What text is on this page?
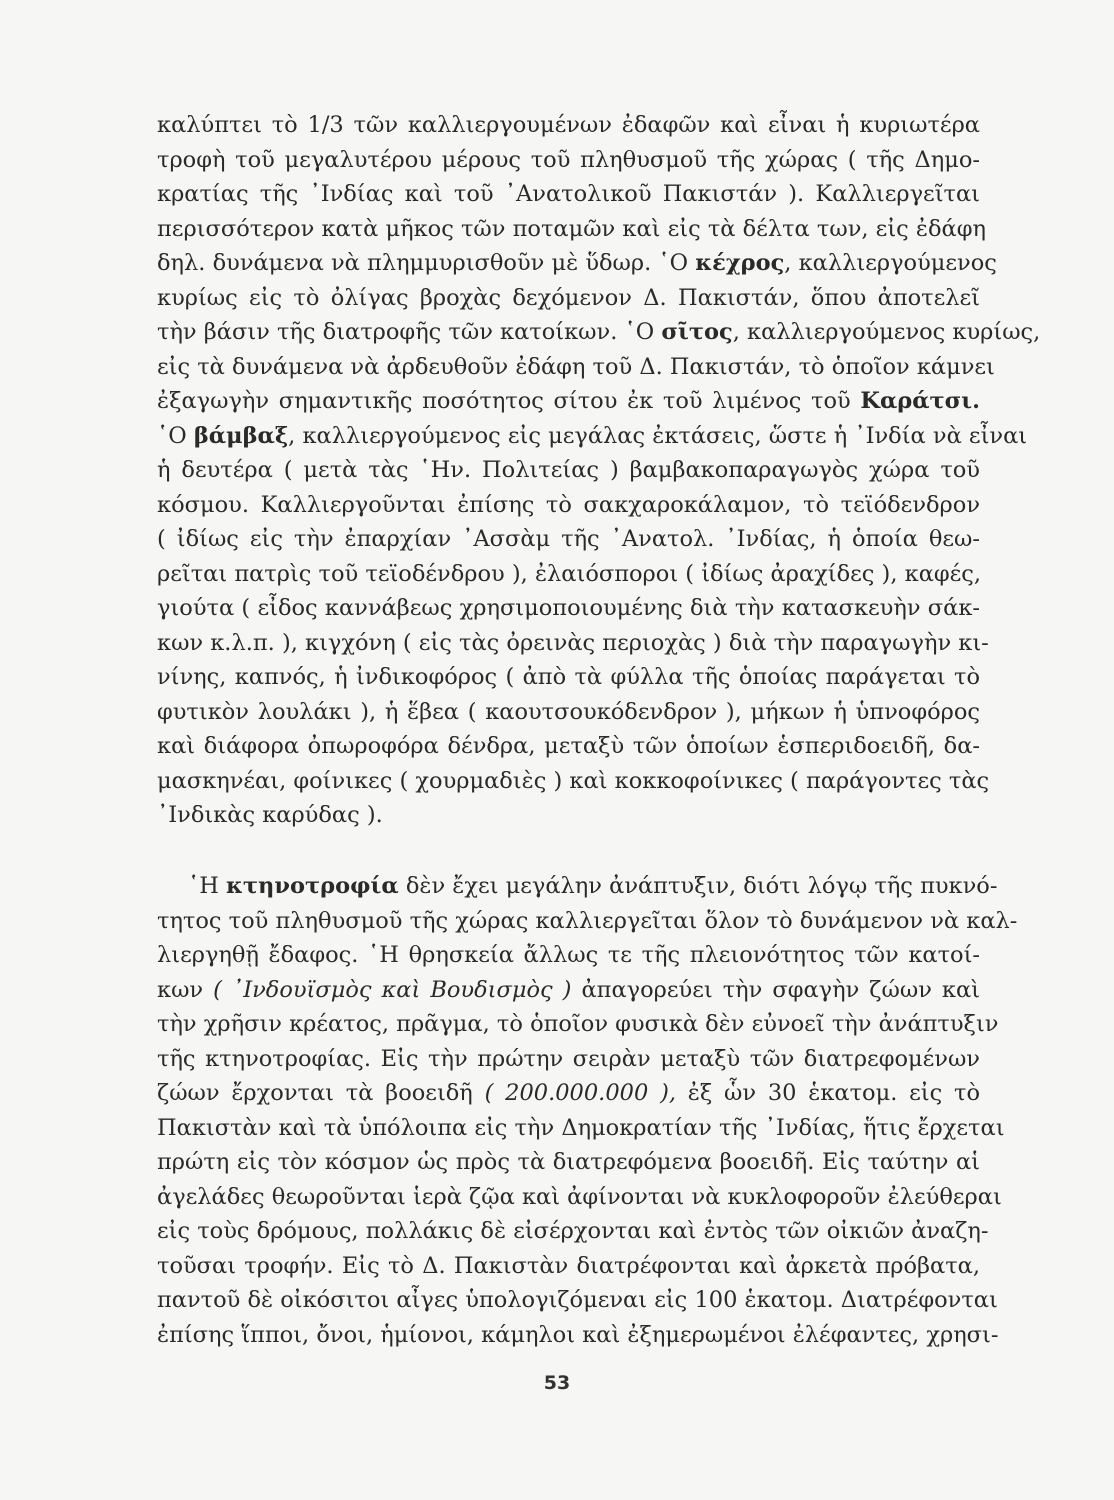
καλύπτει τὸ 1/3 τῶν καλλιεργουμένων ἐδαφῶν καὶ εἶναι ἡ κυριωτέρα
τροφὴ τοῦ μεγαλυτέρου μέρους τοῦ πληθυσμοῦ τῆς χώρας ( τῆς Δημο-
κρατίας τῆς ᾿Ινδίας καὶ τοῦ ᾿Ανατολικοῦ Πακιστάν ). Καλλιεργεῖται
περισσότερον κατὰ μῆκος τῶν ποταμῶν καὶ εἰς τὰ δέλτα των, εἰς ἐδάφη
δηλ. δυνάμενα νὰ πλημμυρισθοῦν μὲ ὕδωρ. ῾Ο κέχρος, καλλιεργούμενος
κυρίως εἰς τὸ ὀλίγας βροχὰς δεχόμενον Δ. Πακιστάν, ὅπου ἀποτελεῖ
τὴν βάσιν τῆς διατροφῆς τῶν κατοίκων. ῾Ο σῖτος, καλλιεργούμενος κυρίως,
εἰς τὰ δυνάμενα νὰ ἀρδευθοῦν ἐδάφη τοῦ Δ. Πακιστάν, τὸ ὁποῖον κάμνει
ἐξαγωγὴν σημαντικῆς ποσότητος σίτου ἐκ τοῦ λιμένος τοῦ Καράτσι.
῾Ο βάμβαξ, καλλιεργούμενος εἰς μεγάλας ἐκτάσεις, ὥστε ἡ ᾿Ινδία νὰ εἶναι
ἡ δευτέρα ( μετὰ τὰς ῾Ην. Πολιτείας ) βαμβακοπαραγωγὸς χώρα τοῦ
κόσμου. Καλλιεργοῦνται ἐπίσης τὸ σακχαροκάλαμον, τὸ τεϊόδενδρον
( ἰδίως εἰς τὴν ἐπαρχίαν ᾿Ασσὰμ τῆς ᾿Ανατολ. ᾿Ινδίας, ἡ ὁποία θεω-
ρεῖται πατρὶς τοῦ τεϊοδένδρου ), ἐλαιόσποροι ( ἰδίως ἀραχίδες ), καφές,
γιούτα ( εἶδος καννάβεως χρησιμοποιουμένης διὰ τὴν κατασκευὴν σάκ-
κων κ.λ.π. ), κιγχόνη ( εἰς τὰς ὀρεινὰς περιοχὰς ) διὰ τὴν παραγωγὴν κι-
νίνης, καπνός, ἡ ἰνδικοφόρος ( ἀπὸ τὰ φύλλα τῆς ὁποίας παράγεται τὸ
φυτικὸν λουλάκι ), ἡ ἕβεα ( καουτσουκόδενδρον ), μήκων ἡ ὑπνοφόρος
καὶ διάφορα ὀπωροφόρα δένδρα, μεταξὺ τῶν ὁποίων ἑσπεριδοειδῆ, δα-
μασκηνέαι, φοίνικες ( χουρμαδιὲς ) καὶ κοκκοφοίνικες ( παράγοντες τὰς
᾿Ινδικὰς καρύδας ).
῾Η κτηνοτροφία δὲν ἔχει μεγάλην ἀνάπτυξιν, διότι λόγῳ τῆς πυκνό-
τητος τοῦ πληθυσμοῦ τῆς χώρας καλλιεργεῖται ὅλον τὸ δυνάμενον νὰ καλ-
λιεργηθῇ ἔδαφος. ῾Η θρησκεία ἄλλως τε τῆς πλειονότητος τῶν κατοί-
κων ( ᾿Ινδουϊσμὸς καὶ Βουδισμὸς ) ἀπαγορεύει τὴν σφαγὴν ζώων καὶ
τὴν χρῆσιν κρέατος, πρᾶγμα, τὸ ὁποῖον φυσικὰ δὲν εὐνοεῖ τὴν ἀνάπτυξιν
τῆς κτηνοτροφίας. Εἰς τὴν πρώτην σειρὰν μεταξὺ τῶν διατρεφομένων
ζώων ἔρχονται τὰ βοοειδῆ ( 200.000.000 ), ἐξ ὧν 30 ἑκατομ. εἰς τὸ
Πακιστὰν καὶ τὰ ὑπόλοιπα εἰς τὴν Δημοκρατίαν τῆς ᾿Ινδίας, ἥτις ἔρχεται
πρώτη εἰς τὸν κόσμον ὡς πρὸς τὰ διατρεφόμενα βοοειδῆ. Εἰς ταύτην αἱ
ἀγελάδες θεωροῦνται ἱερὰ ζῷα καὶ ἀφίνονται νὰ κυκλοφοροῦν ἐλεύθεραι
εἰς τοὺς δρόμους, πολλάκις δὲ εἰσέρχονται καὶ ἐντὸς τῶν οἰκιῶν ἀναζη-
τοῦσαι τροφήν. Εἰς τὸ Δ. Πακιστὰν διατρέφονται καὶ ἀρκετὰ πρόβατα,
παντοῦ δὲ οἰκόσιτοι αἶγες ὑπολογιζόμεναι εἰς 100 ἑκατομ. Διατρέφονται
ἐπίσης ἵπποι, ὄνοι, ἡμίονοι, κάμηλοι καὶ ἐξημερωμένοι ἐλέφαντες, χρησι-
53
